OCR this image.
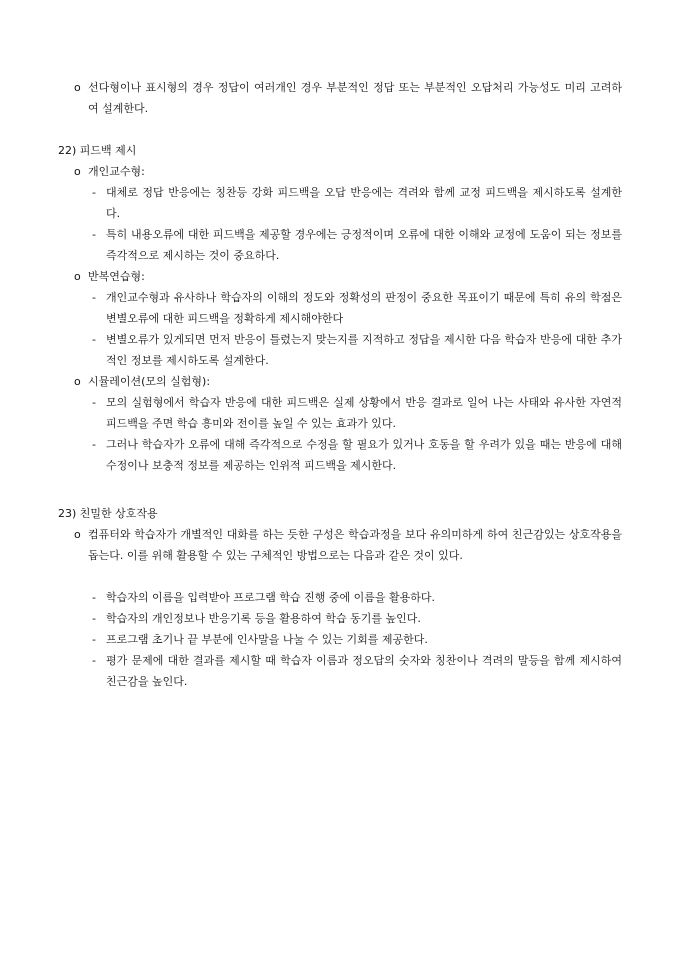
ο 선다형이나 표시형의 경우 정답이 여러개인 경우 부분적인 정답 또는 부분적인 오답처리 가능성도 미리 고려하여 설계한다.
22) 피드백 제시
ο 개인교수형:
- 대체로 정답 반응에는 칭찬등 강화 피드백을 오답 반응에는 격려와 함께 교정 피드백을 제시하도록 설계한다.
- 특히 내용오류에 대한 피드백을 제공할 경우에는 긍정적이며 오류에 대한 이해와 교정에 도움이 되는 정보를 즉각적으로 제시하는 것이 중요하다.
ο 반복연습형:
- 개인교수형과 유사하나 학습자의 이해의 정도와 정확성의 판정이 중요한 목표이기 때문에 특히 유의 학점은 변별오류에 대한 피드백을 정확하게 제시해야한다
- 변별오류가 있게되면 먼저 반응이 틀렸는지 맞는지를 지적하고 정답을 제시한 다음 학습자 반응에 대한 추가적인 정보를 제시하도록 설계한다.
ο 시뮬레이션(모의 실험형):
- 모의 실험형에서 학습자 반응에 대한 피드백은 실제 상황에서 반응 결과로 일어 나는 사태와 유사한 자연적 피드백을 주면 학습 흥미와 전이를 높일 수 있는 효과가 있다.
- 그러나 학습자가 오류에 대해 즉각적으로 수정을 할 필요가 있거나 호동을 할 우려가 있을 때는 반응에 대해 수정이나 보충적 정보를 제공하는 인위적 피드백을 제시한다.
23) 친밀한 상호작용
ο 컴퓨터와 학습자가 개별적인 대화를 하는 듯한 구성은 학습과정을 보다 유의미하게 하여 친근감있는 상호작용을 돕는다. 이를 위해 활용할 수 있는 구체적인 방법으로는 다음과 같은 것이 있다.
- 학습자의 이름을 입력받아 프로그램 학습 진행 중에 이름을 활용하다.
- 학습자의 개인정보나 반응기록 등을 활용하여 학습 동기를 높인다.
- 프로그램 초기나 끝 부분에 인사말을 나눌 수 있는 기회를 제공한다.
- 평가 문제에 대한 결과를 제시할 때 학습자 이름과 정오답의 숫자와 칭찬이나 격려의 말등을 함께 제시하여 친근감을 높인다.
